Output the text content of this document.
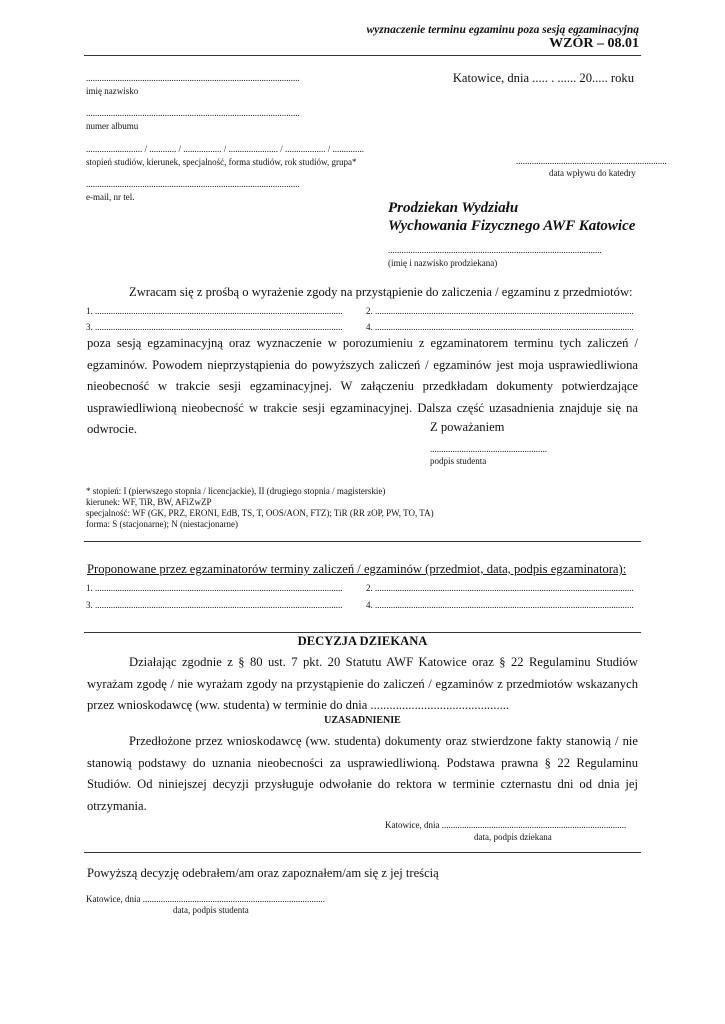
wyznaczenie terminu egzaminu poza sesją egzaminacyjną
WZÓR – 08.01
...............................................................................................
imię nazwisko
...............................................................................................
numer albumu
......................... / ............ / ................. / ...................... / .................. / ..............
stopień studiów, kierunek, specjalność, forma studiów, rok studiów, grupa*
...............................................................................................
e-mail, nr tel.
Katowice, dnia ..... . ...... 20..... roku
...................................................................
data wpływu do katedry
Prodziekan Wydziału
Wychowania Fizycznego AWF Katowice
...............................................................................................
(imię i nazwisko prodziekana)
Zwracam się z prośbą o wyrażenie zgody na przystąpienie do zaliczenia / egzaminu z przedmiotów:
1. ..............................................................................................................	2. ...................................................................................................................
3. ..............................................................................................................	4. ...................................................................................................................
poza sesją egzaminacyjną oraz wyznaczenie w porozumieniu z egzaminatorem terminu tych zaliczeń / egzaminów. Powodem nieprzystąpienia do powyższych zaliczeń / egzaminów jest moja usprawiedliwiona nieobecność w trakcie sesji egzaminacyjnej. W załączeniu przedkładam dokumenty potwierdzające usprawiedliwioną nieobecność w trakcie sesji egzaminacyjnej. Dalsza część uzasadnienia znajduje się na odwrocie.	Z poważaniem
....................................................
podpis studenta
* stopień: I (pierwszego stopnia / licencjackie), II (drugiego stopnia / magisterskie)
kierunek: WF, TiR, BW, AFiZwZP
specjalność: WF (GK, PRZ, ERONI, EdB, TS, T, OOS/AON, FTZ); TiR (RR zOP, PW, TO, TA)
forma: S (stacjonarne); N (niestacjonarne)
Proponowane przez egzaminatorów terminy zaliczeń / egzaminów (przedmiot, data, podpis egzaminatora):
1. ..............................................................................................................	2. ...................................................................................................................
3. ..............................................................................................................	4. ...................................................................................................................
DECYZJA DZIEKANA
Działając zgodnie z § 80 ust. 7 pkt. 20 Statutu AWF Katowice oraz § 22 Regulaminu Studiów wyrażam zgodę / nie wyrażam zgody na przystąpienie do zaliczeń / egzaminów z przedmiotów wskazanych przez wnioskodawcę (ww. studenta) w terminie do dnia ............................................
UZASADNIENIE
Przedłożone przez wnioskodawcę (ww. studenta) dokumenty oraz stwierdzone fakty stanowią / nie stanowią podstawy do uznania nieobecności za usprawiedliwioną. Podstawa prawna § 22 Regulaminu Studiów. Od niniejszej decyzji przysługuje odwołanie do rektora w terminie czternastu dni od dnia jej otrzymania.
Katowice, dnia ..................................................................................
data, podpis dziekana
Powyższą decyzję odebrałem/am oraz zapoznałem/am się z jej treścią
Katowice, dnia .................................................................................
data, podpis studenta
